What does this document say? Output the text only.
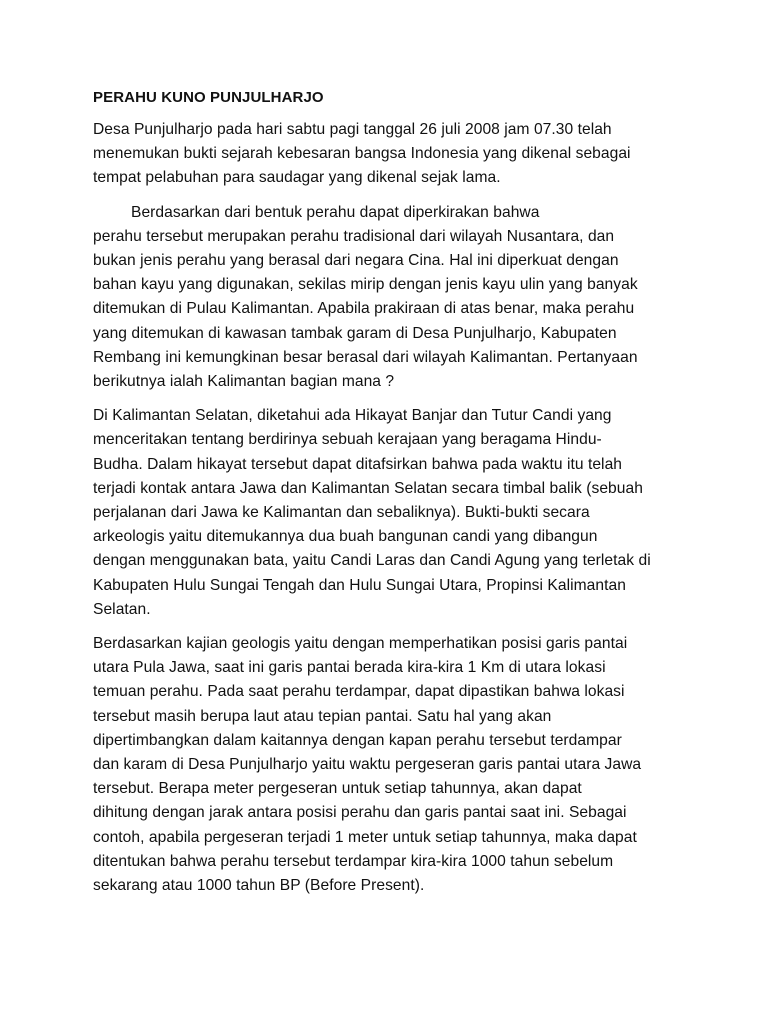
PERAHU KUNO PUNJULHARJO
Desa Punjulharjo pada hari sabtu pagi tanggal 26 juli 2008 jam 07.30 telah
menemukan bukti sejarah kebesaran bangsa Indonesia yang dikenal sebagai
tempat pelabuhan para saudagar yang dikenal sejak lama.
Berdasarkan dari bentuk perahu dapat diperkirakan bahwa
perahu tersebut merupakan perahu tradisional dari wilayah Nusantara, dan
bukan jenis perahu yang berasal dari negara Cina. Hal ini diperkuat dengan
bahan kayu yang digunakan, sekilas mirip dengan jenis kayu ulin yang banyak
ditemukan di Pulau Kalimantan. Apabila prakiraan di atas benar, maka perahu
yang ditemukan di kawasan tambak garam di Desa Punjulharjo, Kabupaten
Rembang ini kemungkinan besar berasal dari wilayah Kalimantan. Pertanyaan
berikutnya ialah Kalimantan bagian mana ?
Di Kalimantan Selatan, diketahui ada Hikayat Banjar dan Tutur Candi yang
menceritakan tentang berdirinya sebuah kerajaan yang beragama Hindu-
Budha. Dalam hikayat tersebut dapat ditafsirkan bahwa pada waktu itu telah
terjadi kontak antara Jawa dan Kalimantan Selatan secara timbal balik (sebuah
perjalanan dari Jawa ke Kalimantan dan sebaliknya). Bukti-bukti secara
arkeologis yaitu ditemukannya dua buah bangunan candi yang dibangun
dengan menggunakan bata, yaitu Candi Laras dan Candi Agung yang terletak di
Kabupaten Hulu Sungai Tengah dan Hulu Sungai Utara, Propinsi Kalimantan
Selatan.
Berdasarkan kajian geologis yaitu dengan memperhatikan posisi garis pantai
utara Pula Jawa, saat ini garis pantai berada kira-kira 1 Km di utara lokasi
temuan perahu. Pada saat perahu terdampar, dapat dipastikan bahwa lokasi
tersebut masih berupa laut atau tepian pantai. Satu hal yang akan
dipertimbangkan dalam kaitannya dengan kapan perahu tersebut terdampar
dan karam di Desa Punjulharjo yaitu waktu pergeseran garis pantai utara Jawa
tersebut. Berapa meter pergeseran untuk setiap tahunnya, akan dapat
dihitung dengan jarak antara posisi perahu dan garis pantai saat ini. Sebagai
contoh, apabila pergeseran terjadi 1 meter untuk setiap tahunnya, maka dapat
ditentukan bahwa perahu tersebut terdampar kira-kira 1000 tahun sebelum
sekarang atau 1000 tahun BP (Before Present).
